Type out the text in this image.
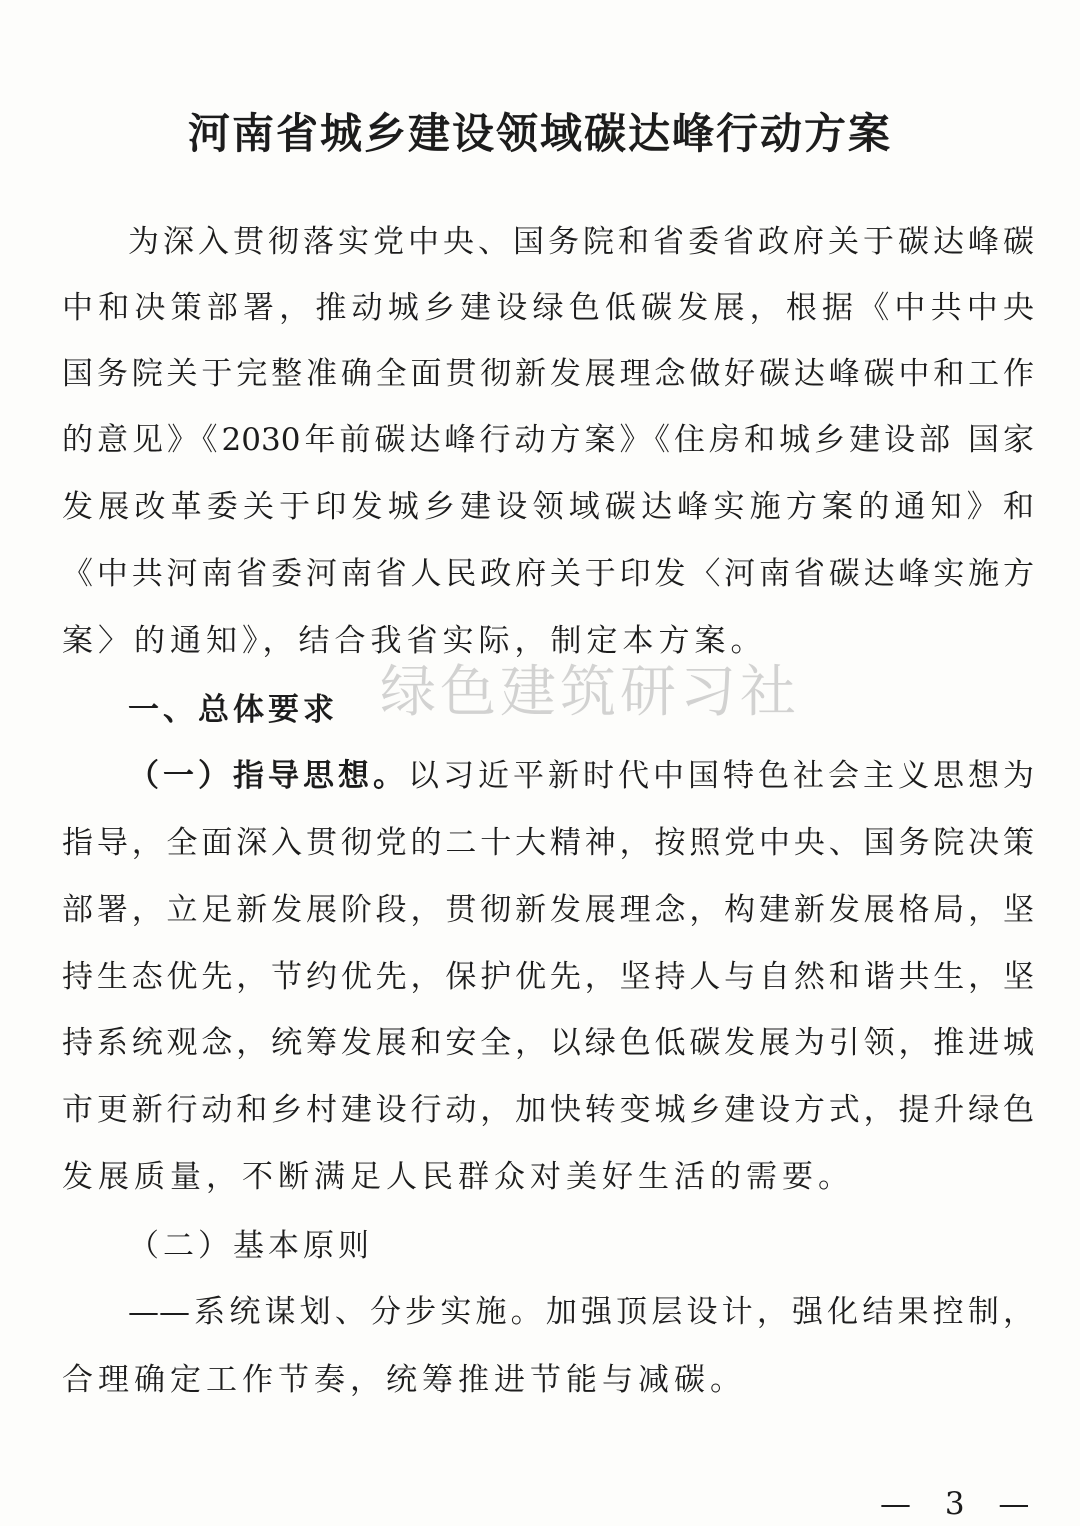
河南省城乡建设领域碳达峰行动方案

为深入贯彻落实党中央、国务院和省委省政府关于碳达峰碳

中和决策部署，推动城乡建设绿色低碳发展，根据《中共中央

国务院关于完整准确全面贯彻新发展理念做好碳达峰碳中和工作

的意见》《2030年前碳达峰行动方案》《住房和城乡建设部 国家

发展改革委关于印发城乡建设领域碳达峰实施方案的通知》和

《中共河南省委河南省人民政府关于印发〈河南省碳达峰实施方

案〉的通知》，结合我省实际，制定本方案。

一、总体要求 绿色建筑研习社

（一）指导思想。以习近平新时代中国特色社会主义思想为

指导，全面深入贯彻党的二十大精神，按照党中央、国务院决策

部署，立足新发展阶段，贯彻新发展理念，构建新发展格局，坚

持生态优先，节约优先，保护优先，坚持人与自然和谐共生，坚

持系统观念，统筹发展和安全，以绿色低碳发展为引领，推进城

市更新行动和乡村建设行动，加快转变城乡建设方式，提升绿色

发展质量，不断满足人民群众对美好生活的需要。

（二）基本原则

——系统谋划、分步实施。加强顶层设计，强化结果控制，

合理确定工作节奏，统筹推进节能与减碳。

— 3 —
